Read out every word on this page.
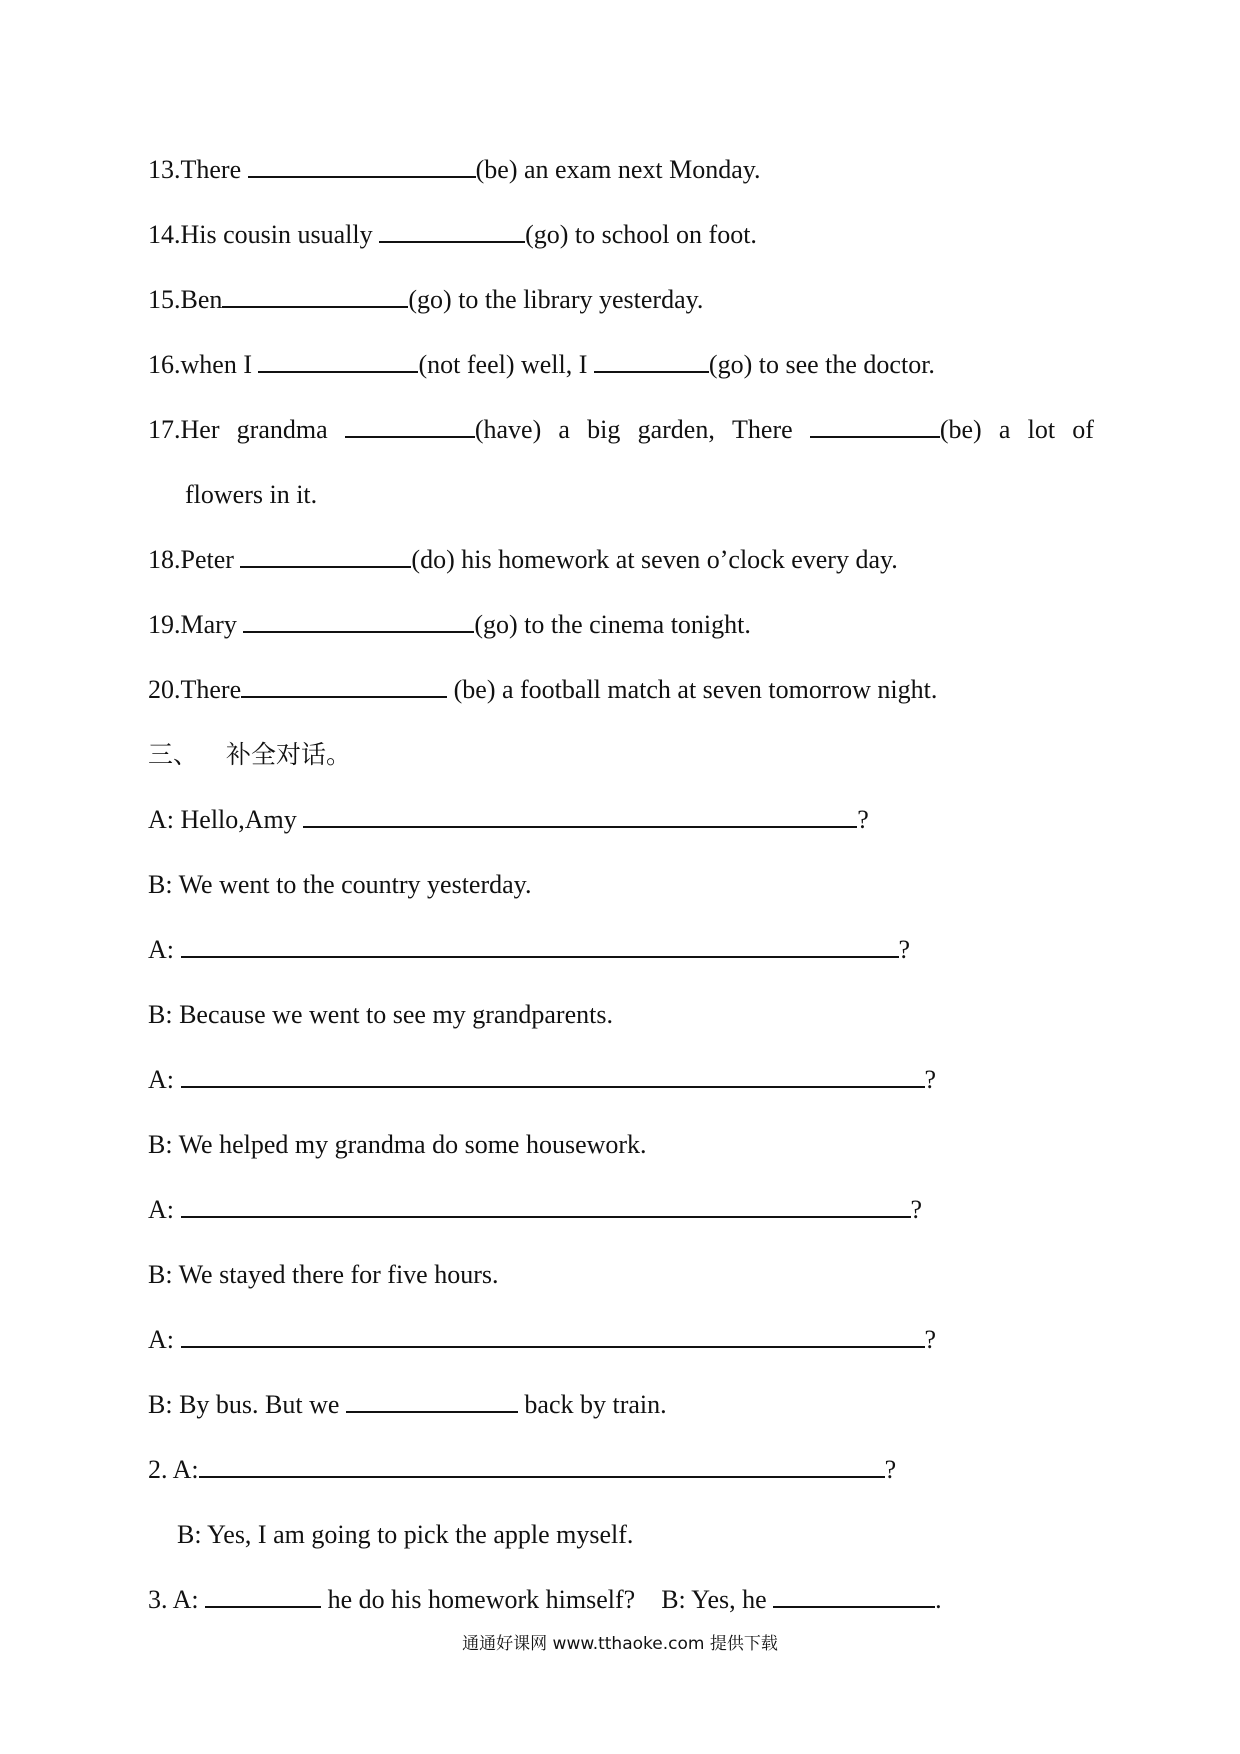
13.There	(be) an exam next Monday.
14.His cousin usually	(go) to school on foot.
15.Ben	(go) to the library yesterday.
16.when I	(not feel) well, I	(go) to see the doctor.
17.Her grandma	(have) a big garden, There	(be) a lot of
flowers in it.
18.Peter	(do) his homework at seven o’clock every day.
19.Mary	(go) to the cinema tonight.
20.There	(be) a football match at seven tomorrow night.
三、 补全对话。
A: Hello,Amy	?
B: We went to the country yesterday.
A:	?
B: Because we went to see my grandparents.
A:	?
B: We helped my grandma do some housework.
A:	?
B: We stayed there for five hours.
A:	?
B: By bus. But we	back by train.
2. A:	?
B: Yes, I am going to pick the apple myself.
3. A:	he do his homework himself? B: Yes, he	.
通通好课网 www.tthaoke.com 提供下载
